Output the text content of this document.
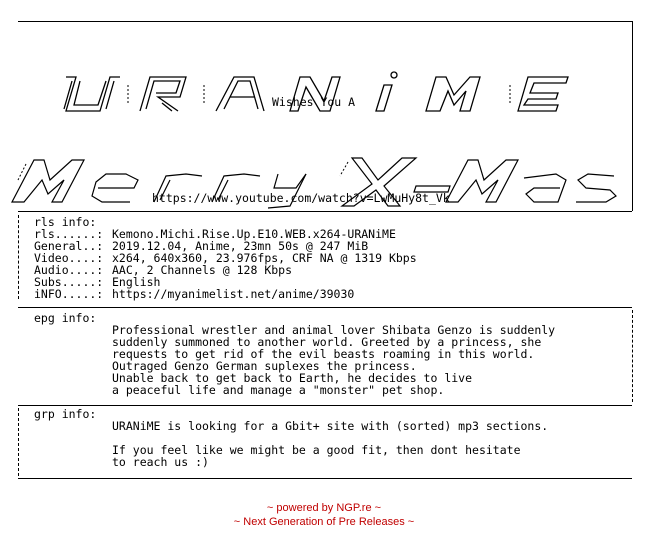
Wishes You A

https://www.youtube.com/watch?v=LwMuHy8t_Vk
rls info:
rls......: Kemono.Michi.Rise.Up.E10.WEB.x264-URANiME
General..: 2019.12.04, Anime, 23mn 50s @ 247 MiB
Video....: x264, 640x360, 23.976fps, CRF NA @ 1319 Kbps
Audio....: AAC, 2 Channels @ 128 Kbps
Subs.....: English
iNFO.....: https://myanimelist.net/anime/39030
epg info:
Professional wrestler and animal lover Shibata Genzo is suddenly
suddenly summoned to another world. Greeted by a princess, she
requests to get rid of the evil beasts roaming in this world.
Outraged Genzo German suplexes the princess.
Unable back to get back to Earth, he decides to live
a peaceful life and manage a "monster" pet shop.
grp info:
URANiME is looking for a Gbit+ site with (sorted) mp3 sections.
If you feel like we might be a good fit, then dont hesitate
to reach us :)
~ powered by NGP.re ~
~ Next Generation of Pre Releases ~
